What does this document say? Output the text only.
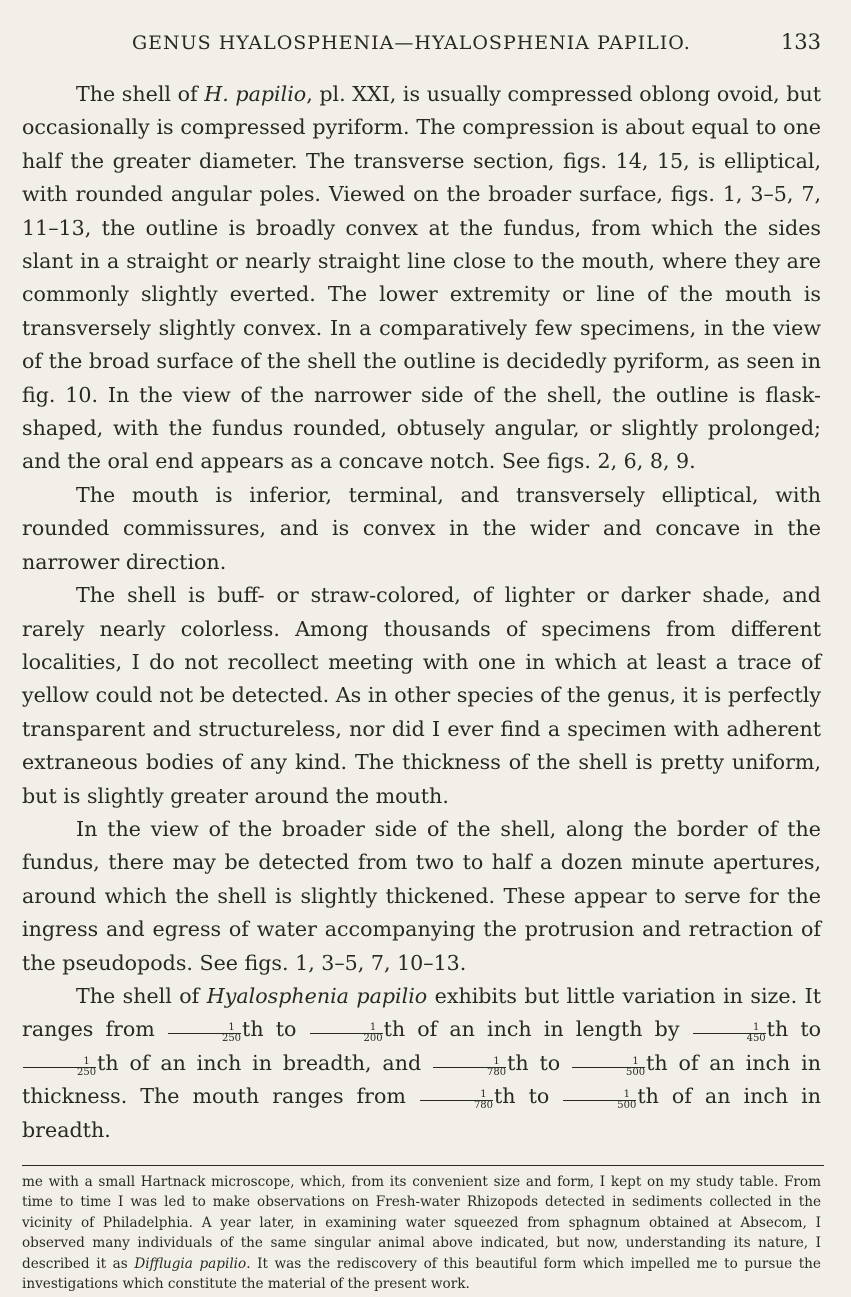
GENUS HYALOSPHENIA—HYALOSPHENIA PAPILIO.	133

The shell of H. papilio, pl. XXI, is usually compressed oblong ovoid, but occasionally is compressed pyriform. The compression is about equal to one half the greater diameter. The transverse section, figs. 14, 15, is elliptical, with rounded angular poles. Viewed on the broader surface, figs. 1, 3–5, 7, 11–13, the outline is broadly convex at the fundus, from which the sides slant in a straight or nearly straight line close to the mouth, where they are commonly slightly everted. The lower extremity or line of the mouth is transversely slightly convex. In a comparatively few specimens, in the view of the broad surface of the shell the outline is decidedly pyriform, as seen in fig. 10. In the view of the narrower side of the shell, the outline is flask-shaped, with the fundus rounded, obtusely angular, or slightly prolonged; and the oral end appears as a concave notch. See figs. 2, 6, 8, 9.

The mouth is inferior, terminal, and transversely elliptical, with rounded commissures, and is convex in the wider and concave in the narrower direction.

The shell is buff- or straw-colored, of lighter or darker shade, and rarely nearly colorless. Among thousands of specimens from different localities, I do not recollect meeting with one in which at least a trace of yellow could not be detected. As in other species of the genus, it is perfectly transparent and structureless, nor did I ever find a specimen with adherent extraneous bodies of any kind. The thickness of the shell is pretty uniform, but is slightly greater around the mouth.

In the view of the broader side of the shell, along the border of the fundus, there may be detected from two to half a dozen minute apertures, around which the shell is slightly thickened. These appear to serve for the ingress and egress of water accompanying the protrusion and retraction of the pseudopods. See figs. 1, 3–5, 7, 10–13.

The shell of Hyalosphenia papilio exhibits but little variation in size. It ranges from $\frac{1}{250}$ th to $\frac{1}{200}$ th of an inch in length by $\frac{1}{450}$ th to
$\frac{1}{250}$ th of an inch in breadth, and $\frac{1}{780}$ th to $\frac{1}{500}$ th of an inch in thickness. The mouth ranges from $\frac{1}{780}$ th to $\frac{1}{500}$ th of an inch in breadth.

me with a small Hartnack microscope, which, from its convenient size and form, I kept on my study table. From time to time I was led to make observations on Fresh-water Rhizopods detected in sediments collected in the vicinity of Philadelphia. A year later, in examining water squeezed from sphagnum obtained at Absecom, I observed many individuals of the same singular animal above indicated, but now, understanding its nature, I described it as Difflugia papilio. It was the rediscovery of this beautiful form which impelled me to pursue the investigations which constitute the material of the present work.
